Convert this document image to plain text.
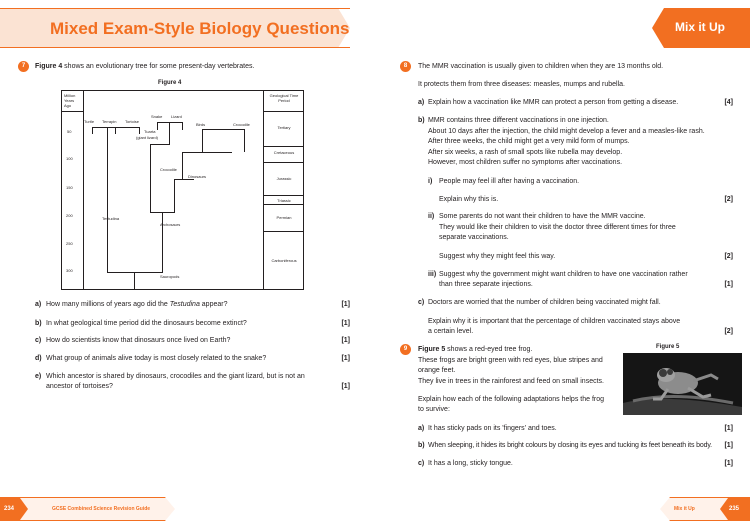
Mixed Exam-Style Biology Questions	Mix it Up
7	Figure 4 shows an evolutionary tree for some present-day vertebrates.
Figure 4
Million Years Ago
Geological Time Period
50
100
150
200
250
300
Tertiary
Cretaceous
Jurassic
Triassic
Permian
Carboniferous
Turtle Terrapin Tortoise
Snake Lizard
Tuarta
(giant lizard)
Birds	Crocodile
Crocodile
Dinosaurs
Archosaurs
Testudina
Sauropods
a) How many millions of years ago did the Testudina appear?	[1]
b) In what geological time period did the dinosaurs become extinct?	[1]
c) How do scientists know that dinosaurs once lived on Earth?	[1]
d) What group of animals alive today is most closely related to the snake?	[1]
e) Which ancestor is shared by dinosaurs, crocodiles and the giant lizard, but is not an
ancestor of tortoises?	[1]
8	The MMR vaccination is usually given to children when they are 13 months old.
It protects them from three diseases: measles, mumps and rubella.
a) Explain how a vaccination like MMR can protect a person from getting a disease.	[4]
b) MMR contains three different vaccinations in one injection.
About 10 days after the injection, the child might develop a fever and a measles-like rash.
After three weeks, the child might get a very mild form of mumps.
After six weeks, a rash of small spots like rubella may develop.
However, most children suffer no symptoms after vaccinations.
i) People may feel ill after having a vaccination.
Explain why this is.	[2]
ii) Some parents do not want their children to have the MMR vaccine.
They would like their children to visit the doctor three different times for three
separate vaccinations.
Suggest why they might feel this way.	[2]
iii) Suggest why the government might want children to have one vaccination rather
than three separate injections.	[1]
c) Doctors are worried that the number of children being vaccinated might fall.
Explain why it is important that the percentage of children vaccinated stays above
a certain level.	[2]
9	Figure 5 shows a red-eyed tree frog.
These frogs are bright green with red eyes, blue stripes and
orange feet.
They live in trees in the rainforest and feed on small insects.
Explain how each of the following adaptations helps the frog
to survive:
Figure 5
a) It has sticky pads on its 'fingers' and toes.	[1]
b) When sleeping, it hides its bright colours by closing its eyes and tucking its feet beneath its body.	[1]
c) It has a long, sticky tongue.	[1]
234	GCSE Combined Science Revision Guide	Mix it Up	235
